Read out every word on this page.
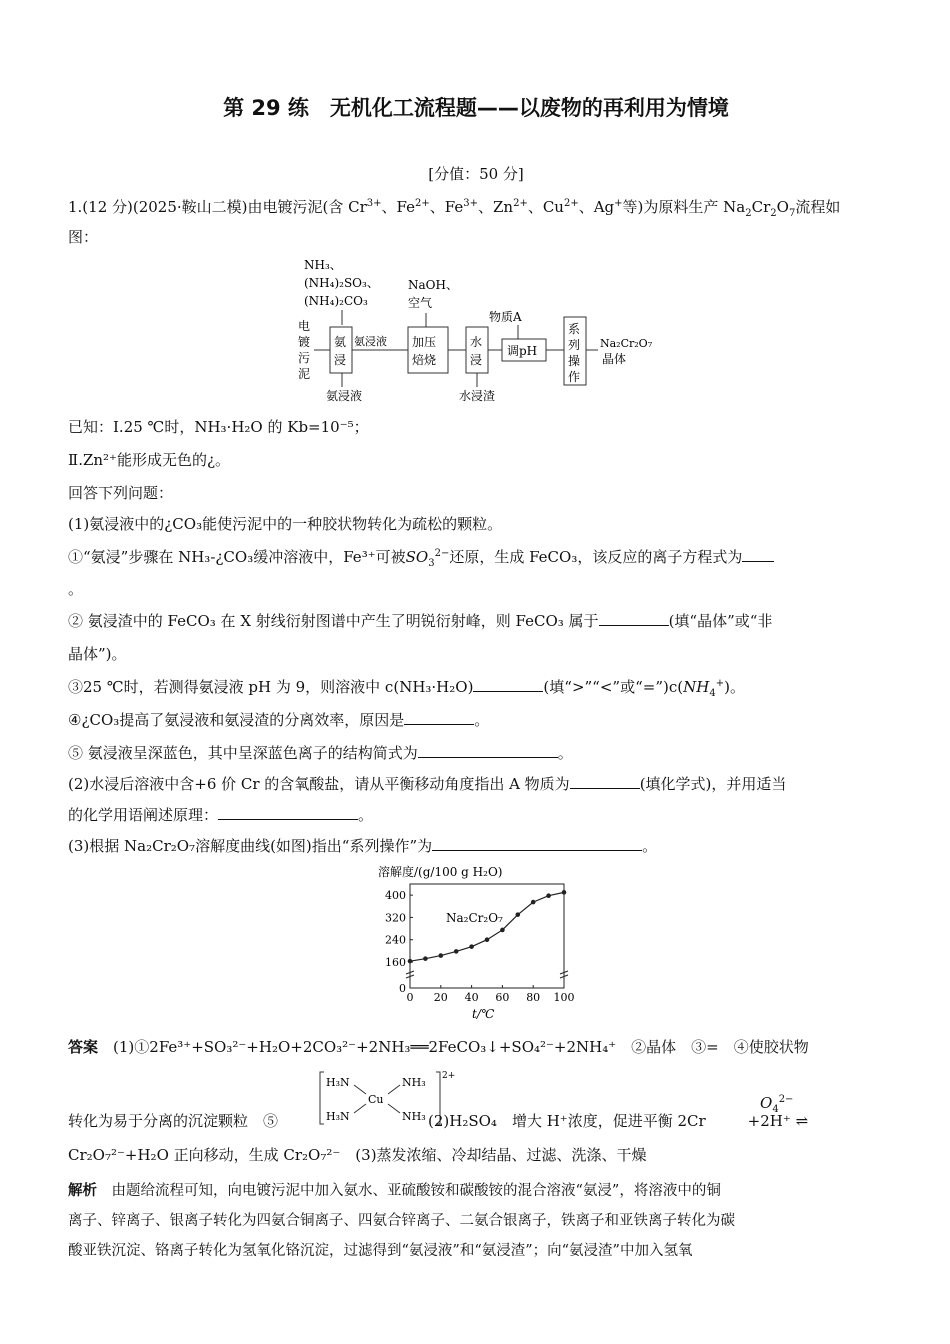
第 29 练　无机化工流程题——以废物的再利用为情境
[分值：50 分]
1.(12 分)(2025·鞍山二模)由电镀污泥(含 $Cr^{3+}$、$Fe^{2+}$、$Fe^{3+}$、$Zn^{2+}$、$Cu^{2+}$、Ag+等)为原料生产 $Na_2Cr_2O_7$流程如
图：
NH₃、
(NH₄)₂SO₃、
(NH₄)₂CO₃
NaOH、
空气
物质A
电
镀
污
泥
氨
浸
氨浸液
氨浸液 加压
焙烧
水
浸
水浸渣
调pH
系
列
操
作
Na₂Cr₂O₇
晶体
已知：Ⅰ.25 ℃时，NH₃·H₂O 的 Kb=10⁻⁵；
Ⅱ.Zn²⁺能形成无色的¿。
回答下列问题：
(1)氨浸液中的¿CO₃能使污泥中的一种胶状物转化为疏松的颗粒。
①“氨浸”步骤在 NH₃-¿CO₃缓冲溶液中，Fe³⁺可被$SO_3^{2-}$还原，生成 FeCO₃，该反应的离子方程式为
。
② 氨浸渣中的 FeCO₃ 在 X 射线衍射图谱中产生了明锐衍射峰，则 FeCO₃ 属于	(填“晶体”或“非
晶体”)。
③25 ℃时，若测得氨浸液 pH 为 9，则溶液中 c(NH₃·H₂O)	(填“>”“<”或“$=”)c(NH_4^+)$。
④¿CO₃提高了氨浸液和氨浸渣的分离效率，原因是	。
⑤ 氨浸液呈深蓝色，其中呈深蓝色离子的结构简式为	。
(2)水浸后溶液中含+6 价 Cr 的含氧酸盐，请从平衡移动角度指出 A 物质为	(填化学式)，并用适当
的化学用语阐述原理：	。
(3)根据 Na₂Cr₂O₇溶解度曲线(如图)指出“系列操作”为	。
溶解度/(g/100 g H₂O)
Na₂Cr₂O₇
t/℃
0
160
240
320
400
0 20 40 60 80 100
答案　 (1)①2Fe³⁺+SO₃²⁻+H₂O+2CO₃²⁻+2NH₃══2FeCO₃↓+SO₄²⁻+2NH₄⁺　②晶体　③=　④使胶状物
2+
H₃N	NH₃
Cu
H₃N	NH₃
转化为易于分离的沉淀颗粒　⑤	(2)H₂SO₄　增大 H⁺浓度，促进平衡 2Cr	+2H⁺ ⇌
$O_4^{2-}$
Cr₂O₇²⁻+H₂O 正向移动，生成 Cr₂O₇²⁻　(3)蒸发浓缩、冷却结晶、过滤、洗涤、干燥
解析　 由题给流程可知，向电镀污泥中加入氨水、亚硫酸铵和碳酸铵的混合溶液“氨浸”，将溶液中的铜
离子、锌离子、银离子转化为四氨合铜离子、四氨合锌离子、二氨合银离子，铁离子和亚铁离子转化为碳
酸亚铁沉淀、铬离子转化为氢氧化铬沉淀，过滤得到“氨浸液”和“氨浸渣”；向“氨浸渣”中加入氢氧
